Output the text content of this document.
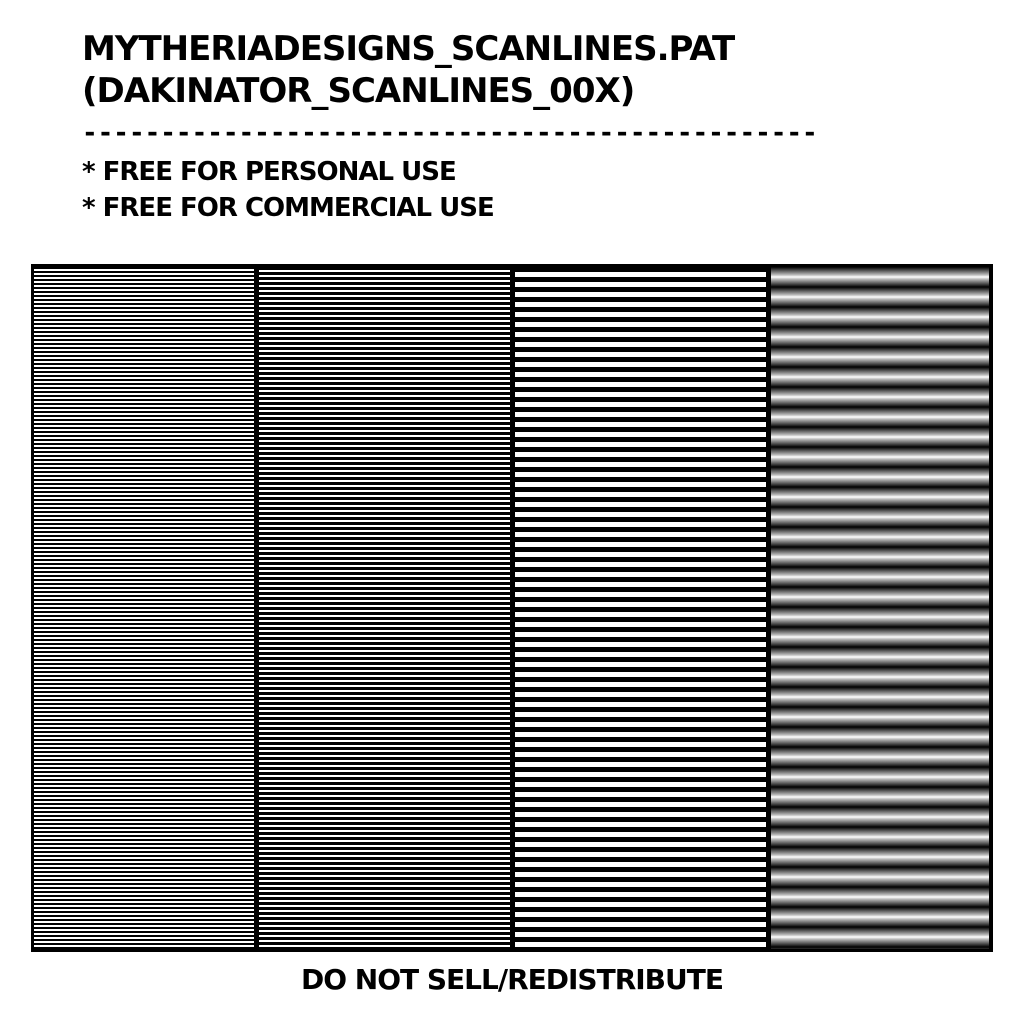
MYTHERIADESIGNS_SCANLINES.PAT
(DAKINATOR_SCANLINES_00X)
-----------------------------------------------
* FREE FOR PERSONAL USE
* FREE FOR COMMERCIAL USE
DO NOT SELL/REDISTRIBUTE
